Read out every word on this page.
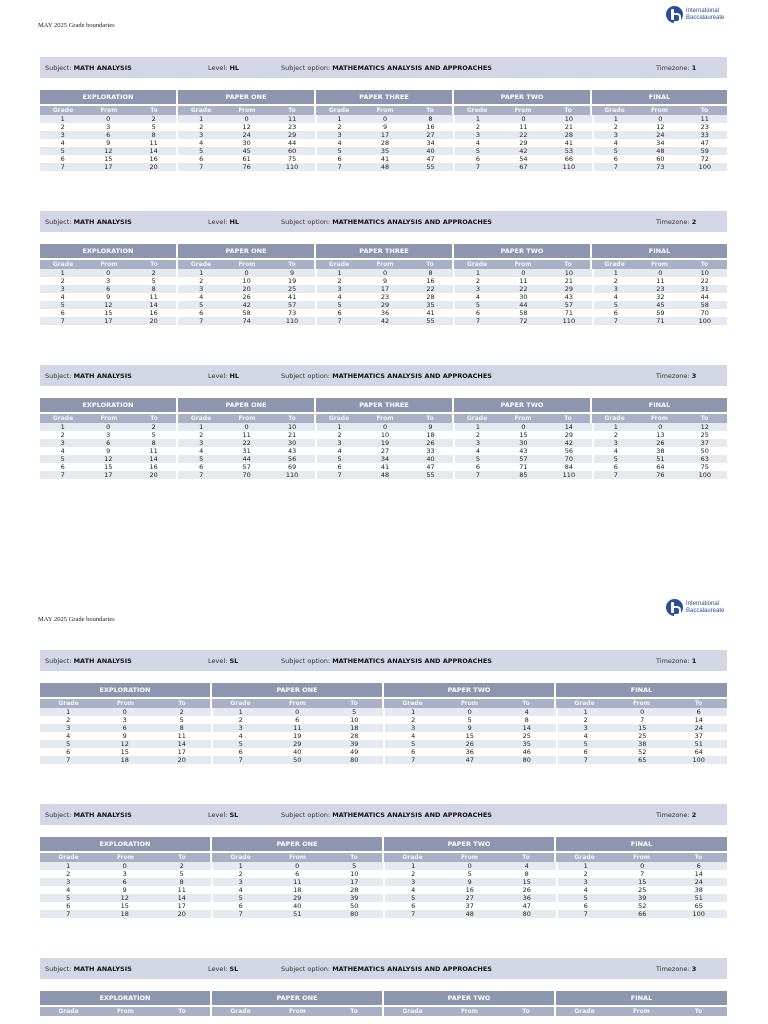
MAY 2025 Grade boundaries
International
Baccalaureate
Subject: MATH ANALYSIS	Level: HL	Subject option: MATHEMATICS ANALYSIS AND APPROACHES	Timezone: 1
EXPLORATION	PAPER ONE	PAPER THREE	PAPER TWO	FINAL
Grade	From	To	Grade	From	To	Grade	From	To	Grade	From	To	Grade	From	To
1	0	2	1	0	11	1	0	8	1	0	10	1	0	11
2	3	5	2	12	23	2	9	16	2	11	21	2	12	23
3	6	8	3	24	29	3	17	27	3	22	28	3	24	33
4	9	11	4	30	44	4	28	34	4	29	41	4	34	47
5	12	14	5	45	60	5	35	40	5	42	53	5	48	59
6	15	16	6	61	75	6	41	47	6	54	66	6	60	72
7	17	20	7	76	110	7	48	55	7	67	110	7	73	100
Subject: MATH ANALYSIS	Level: HL	Subject option: MATHEMATICS ANALYSIS AND APPROACHES	Timezone: 2
EXPLORATION	PAPER ONE	PAPER THREE	PAPER TWO	FINAL
Grade	From	To	Grade	From	To	Grade	From	To	Grade	From	To	Grade	From	To
1	0	2	1	0	9	1	0	8	1	0	10	1	0	10
2	3	5	2	10	19	2	9	16	2	11	21	2	11	22
3	6	8	3	20	25	3	17	22	3	22	29	3	23	31
4	9	11	4	26	41	4	23	28	4	30	43	4	32	44
5	12	14	5	42	57	5	29	35	5	44	57	5	45	58
6	15	16	6	58	73	6	36	41	6	58	71	6	59	70
7	17	20	7	74	110	7	42	55	7	72	110	7	71	100
Subject: MATH ANALYSIS	Level: HL	Subject option: MATHEMATICS ANALYSIS AND APPROACHES	Timezone: 3
EXPLORATION	PAPER ONE	PAPER THREE	PAPER TWO	FINAL
Grade	From	To	Grade	From	To	Grade	From	To	Grade	From	To	Grade	From	To
1	0	2	1	0	10	1	0	9	1	0	14	1	0	12
2	3	5	2	11	21	2	10	18	2	15	29	2	13	25
3	6	8	3	22	30	3	19	26	3	30	42	3	26	37
4	9	11	4	31	43	4	27	33	4	43	56	4	38	50
5	12	14	5	44	56	5	34	40	5	57	70	5	51	63
6	15	16	6	57	69	6	41	47	6	71	84	6	64	75
7	17	20	7	70	110	7	48	55	7	85	110	7	76	100
MAY 2025 Grade boundaries
International
Baccalaureate
Subject: MATH ANALYSIS	Level: SL	Subject option: MATHEMATICS ANALYSIS AND APPROACHES	Timezone: 1
EXPLORATION	PAPER ONE	PAPER TWO	FINAL
Grade	From	To	Grade	From	To	Grade	From	To	Grade	From	To
1	0	2	1	0	5	1	0	4	1	0	6
2	3	5	2	6	10	2	5	8	2	7	14
3	6	8	3	11	18	3	9	14	3	15	24
4	9	11	4	19	28	4	15	25	4	25	37
5	12	14	5	29	39	5	26	35	5	38	51
6	15	17	6	40	49	6	36	46	6	52	64
7	18	20	7	50	80	7	47	80	7	65	100
Subject: MATH ANALYSIS	Level: SL	Subject option: MATHEMATICS ANALYSIS AND APPROACHES	Timezone: 2
EXPLORATION	PAPER ONE	PAPER TWO	FINAL
Grade	From	To	Grade	From	To	Grade	From	To	Grade	From	To
1	0	2	1	0	5	1	0	4	1	0	6
2	3	5	2	6	10	2	5	8	2	7	14
3	6	8	3	11	17	3	9	15	3	15	24
4	9	11	4	18	28	4	16	26	4	25	38
5	12	14	5	29	39	5	27	36	5	39	51
6	15	17	6	40	50	6	37	47	6	52	65
7	18	20	7	51	80	7	48	80	7	66	100
Subject: MATH ANALYSIS	Level: SL	Subject option: MATHEMATICS ANALYSIS AND APPROACHES	Timezone: 3
EXPLORATION	PAPER ONE	PAPER TWO	FINAL
Grade	From	To	Grade	From	To	Grade	From	To	Grade	From	To
